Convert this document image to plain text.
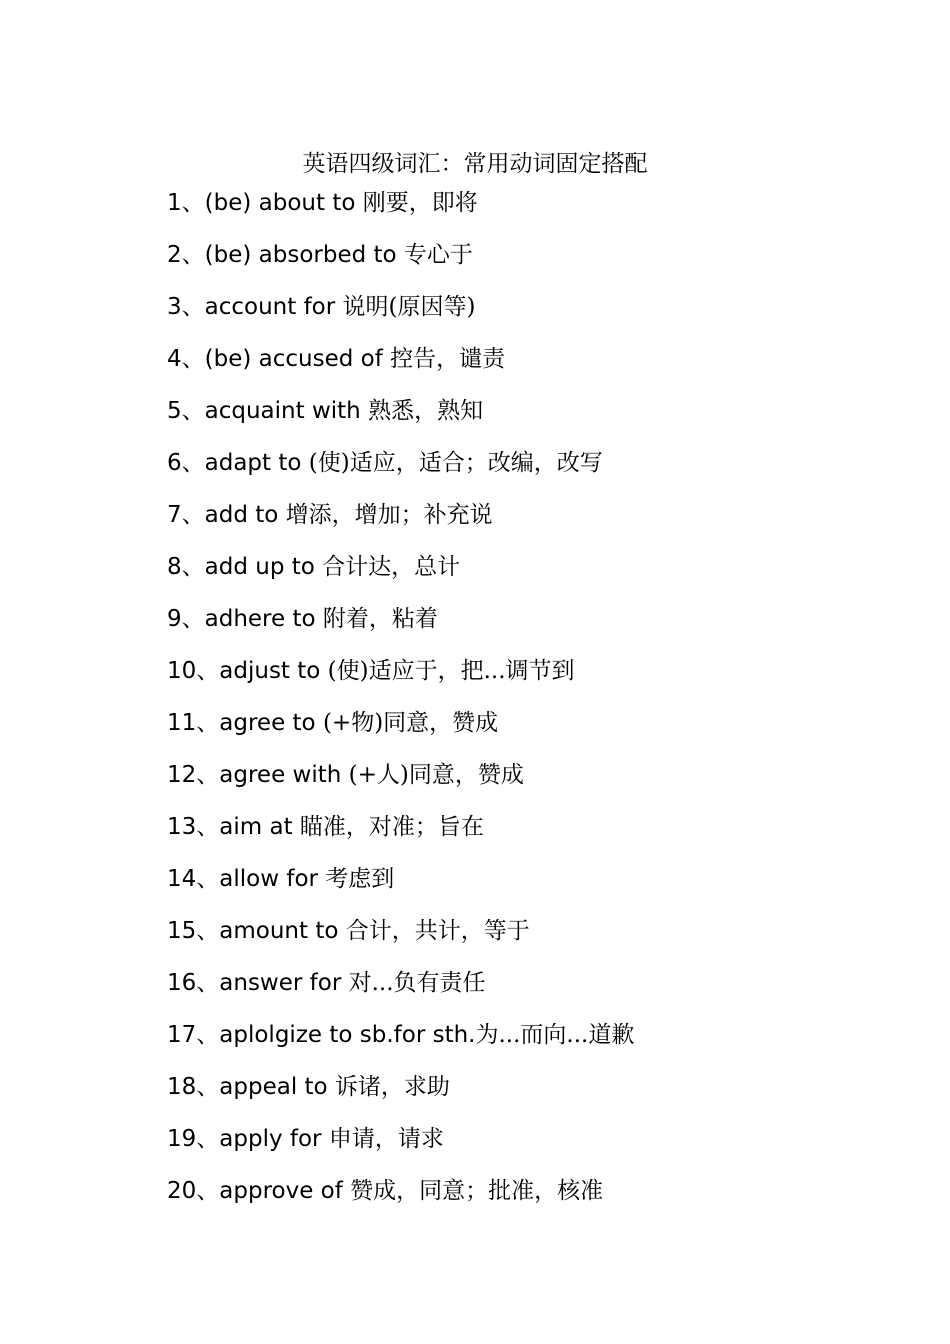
英语四级词汇：常用动词固定搭配
1、(be) about to 刚要，即将
2、(be) absorbed to 专心于
3、account for 说明(原因等)
4、(be) accused of 控告，谴责
5、acquaint with 熟悉，熟知
6、adapt to (使)适应，适合；改编，改写
7、add to 增添，增加；补充说
8、add up to 合计达，总计
9、adhere to 附着，粘着
10、adjust to (使)适应于，把...调节到
11、agree to (+物)同意，赞成
12、agree with (+人)同意，赞成
13、aim at 瞄准，对准；旨在
14、allow for 考虑到
15、amount to 合计，共计，等于
16、answer for 对...负有责任
17、aplolgize to sb.for sth.为...而向...道歉
18、appeal to 诉诸，求助
19、apply for 申请，请求
20、approve of 赞成，同意；批准，核准
